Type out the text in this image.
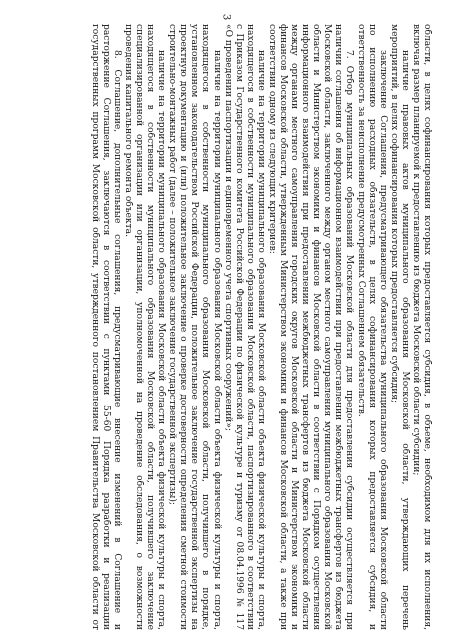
3
области, в целях софинансирования которых предоставляется субсидия, в объеме, необходимом для их исполнения,
включая размер планируемой к предоставлению из бюджета Московской области субсидии;
наличие правовых актов муниципального образования Московской области, утверждающих перечень
мероприятий, в целях софинансирования которых предоставляется субсидия;
заключение Соглашения, предусматривающего обязательства муниципального образования Московской области
по исполнению расходных обязательств, в целях софинансирования которых предоставляется субсидия, и
ответственность за неисполнение предусмотренных Соглашением обязательств.
7. Отбор муниципальных образований Московской области для предоставления субсидии осуществляется при
наличии соглашения об информационном взаимодействии при предоставлении межбюджетных трансфертов из бюджета
Московской области, заключенного между органом местного самоуправления муниципального образования Московской
области и Министерством экономики и финансов Московской области в соответствии с Порядком осуществления
информационного взаимодействия при предоставлении межбюджетных трансфертов из бюджета Московской области
между органами местного самоуправления городских округов Московской области и Министерством экономики и
финансов Московской области, утвержденным Министерством экономики и финансов Московской области, а также при
соответствии одному из следующих критериев:
наличие на территории муниципального образования Московской области объекта физической культуры и спорта,
находящегося в собственности муниципального образования Московской области, паспортизированного в соответствии
с Приказом Государственного комитета Российской Федерации по физической культуре и туризму от 08.04.1996 № 117
«О проведении паспортизации и единовременного учета спортивных сооружений»;
наличие на территории муниципального образования Московской области объекта физической культуры и спорта,
находящегося в собственности муниципального образования Московской области, получившего в порядке,
установленном законодательством Российской Федерации, положительное заключение государственной экспертизы на
проектную документацию и (или) положительное заключение о проверке достоверности определения сметной стоимости
строительно-монтажных работ (далее – положительное заключение государственной экспертизы);
наличие на территории муниципального образования Московской области объекта физической культуры и спорта,
находящегося в собственности муниципального образования Московской области, получившего заключение
специализированной организации или организации, уполномоченной на проведение обследования, о возможности
проведения капитального ремонта объекта.
8. Соглашение, дополнительные соглашения, предусматривающие внесение изменений в Соглашение и
расторжение Соглашения, заключаются в соответствии с пунктами 55-60 Порядка разработки и реализации
государственных программ Московской области, утвержденного постановлением Правительства Московской области от
